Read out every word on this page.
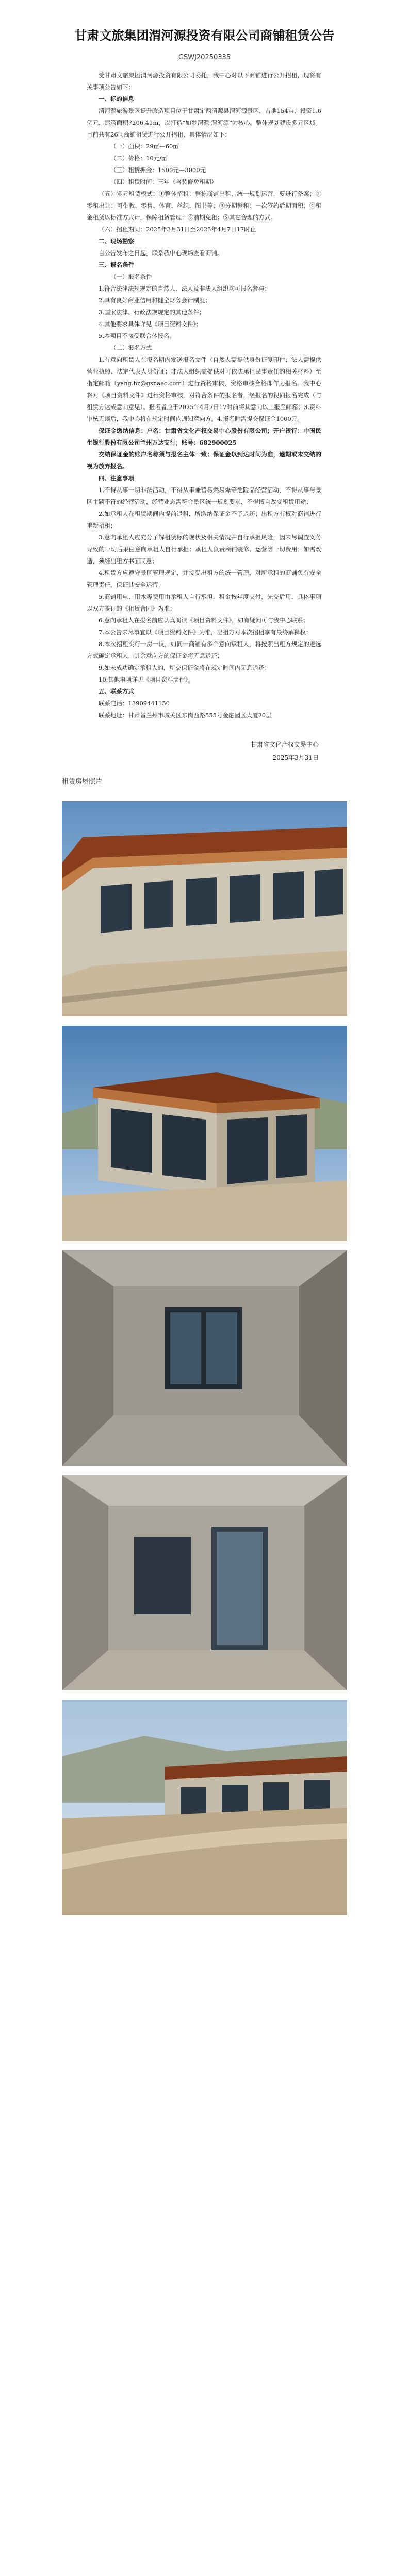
甘肃文旅集团渭河源投资有限公司商铺租赁公告
GSWJ20250335

受甘肃文旅集团渭河源投资有限公司委托，我中心对以下商铺进行公开招租，现将有关事项公告如下：

一、标的信息

渭河源旅游景区提升改造项目位于甘肃定西渭源县渭河源景区，占地154亩，投资1.6亿元，建筑面积7206.41m，以打造“如梦渭源·渭河源”为核心，整体规划建设多元区域。目前共有26间商铺租赁进行公开招租，具体情况如下：

（一）面积：29㎡—60㎡

（二）价格：10元/㎡

（三）租赁押金：1500元—3000元

（四）租赁时间：三年（含装修免租期）

（五）多元租赁模式：①整体招租：整栋商铺出租，统一规划运营，要进行备案；②零租出让：可带教、零售、体育、丝织、图书等；③分期整租：一次签约后期面积；④租金租赁以标准方式计，保障租赁管理；⑤前期免租；⑥其它合理的方式。

（六）招租期间：2025年3月31日至2025年4月7日17时止

二、现场勘察

自公告发布之日起，联系我中心现场查看商铺。

三、报名条件

（一）报名条件

1.符合法律法规规定的自然人、法人及非法人组织均可报名参与；

2.具有良好商业信用和健全财务会计制度；

3.国家法律、行政法规规定的其他条件；

4.其他要求具体详见《项目资料文件》；

5.本项目不接受联合体报名。

（二）报名方式

1.有意向租赁人在报名期内发送报名文件（自然人需提供身份证复印件；法人需提供营业执照、法定代表人身份证；非法人组织需提供对可依法承担民事责任的相关材料）至指定邮箱（yang.hz@gsnaec.com）进行资格审核，资格审核合格即作为报名。我中心将对《项目资料文件》进行资格审核，对符合条件的报名者，经报名的视同报名完成（与租赁方达成意向意见）。报名者应于2025年4月7日17时前将其意向以上报至邮箱；3.资料审核无误后，我中心将在规定时间内通知意向方。4.报名时需提交保证金1000元。

保证金缴纳信息：户名：甘肃省文化产权交易中心股份有限公司；开户银行：中国民生银行股份有限公司兰州万达支行；账号：682900025

交纳保证金的账户名称须与报名主体一致；保证金以到达时间为准，逾期或未交纳的视为放弃报名。

四、注意事项

1.不得从事一切非法活动，不得从事兼营易燃易爆等危险品经营活动，不得从事与景区主题不符的经营活动，经营业态需符合景区统一规划要求，不得擅自改变租赁用途；

2.如承租人在租赁期间内提前退租，所缴纳保证金不予退还；出租方有权对商铺进行重新招租；

3.意向承租人应充分了解租赁标的现状及相关情况并自行承担风险，因未尽调查义务导致的一切后果由意向承租人自行承担；承租人负责商铺装修、运营等一切费用；如需改造，须经出租方书面同意；

4.租赁方应遵守景区管理规定，并接受出租方的统一管理，对所承租的商铺负有安全管理责任，保证其安全运营；

5.商铺用电、用水等费用由承租人自行承担，租金按年度支付，先交后用，具体事项以双方签订的《租赁合同》为准；

6.意向承租人在报名前应认真阅读《项目资料文件》，如有疑问可与我中心联系；

7.本公告未尽事宜以《项目资料文件》为准，出租方对本次招租享有最终解释权；

8.本次招租实行一房一议，如同一商铺有多个意向承租人，将按照出租方规定的遴选方式确定承租人，其余意向方的保证金将无息退还；

9.如未成功确定承租人的，所交保证金将在规定时间内无息退还；

10.其他事项详见《项目资料文件》。

五、联系方式

联系电话：13909441150

联系地址：甘肃省兰州市城关区东岗西路555号金融园区大厦20层

甘肃省文化产权交易中心
2025年3月31日
租赁房屋照片
